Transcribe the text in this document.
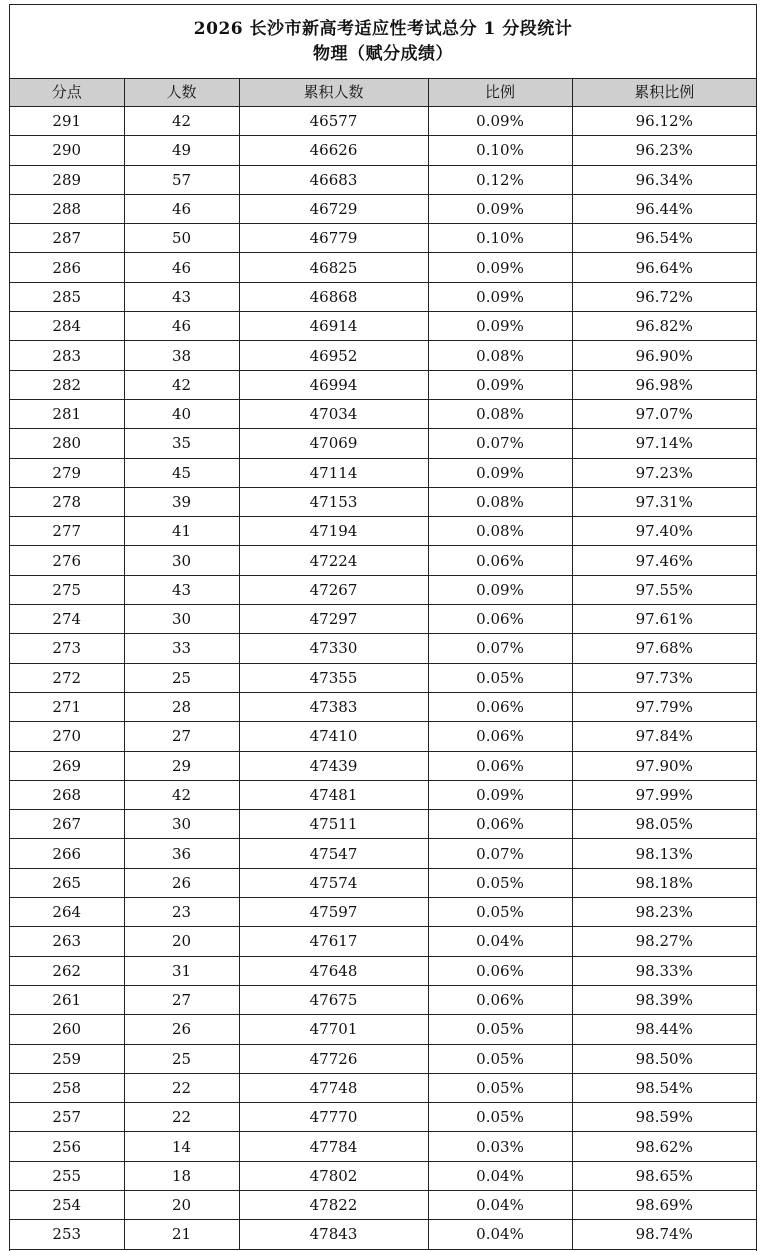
2026 长沙市新高考适应性考试总分 1 分段统计
物理（赋分成绩）
分点	人数	累积人数	比例	累积比例
291	42	46577	0.09%	96.12%
290	49	46626	0.10%	96.23%
289	57	46683	0.12%	96.34%
288	46	46729	0.09%	96.44%
287	50	46779	0.10%	96.54%
286	46	46825	0.09%	96.64%
285	43	46868	0.09%	96.72%
284	46	46914	0.09%	96.82%
283	38	46952	0.08%	96.90%
282	42	46994	0.09%	96.98%
281	40	47034	0.08%	97.07%
280	35	47069	0.07%	97.14%
279	45	47114	0.09%	97.23%
278	39	47153	0.08%	97.31%
277	41	47194	0.08%	97.40%
276	30	47224	0.06%	97.46%
275	43	47267	0.09%	97.55%
274	30	47297	0.06%	97.61%
273	33	47330	0.07%	97.68%
272	25	47355	0.05%	97.73%
271	28	47383	0.06%	97.79%
270	27	47410	0.06%	97.84%
269	29	47439	0.06%	97.90%
268	42	47481	0.09%	97.99%
267	30	47511	0.06%	98.05%
266	36	47547	0.07%	98.13%
265	26	47574	0.05%	98.18%
264	23	47597	0.05%	98.23%
263	20	47617	0.04%	98.27%
262	31	47648	0.06%	98.33%
261	27	47675	0.06%	98.39%
260	26	47701	0.05%	98.44%
259	25	47726	0.05%	98.50%
258	22	47748	0.05%	98.54%
257	22	47770	0.05%	98.59%
256	14	47784	0.03%	98.62%
255	18	47802	0.04%	98.65%
254	20	47822	0.04%	98.69%
253	21	47843	0.04%	98.74%
